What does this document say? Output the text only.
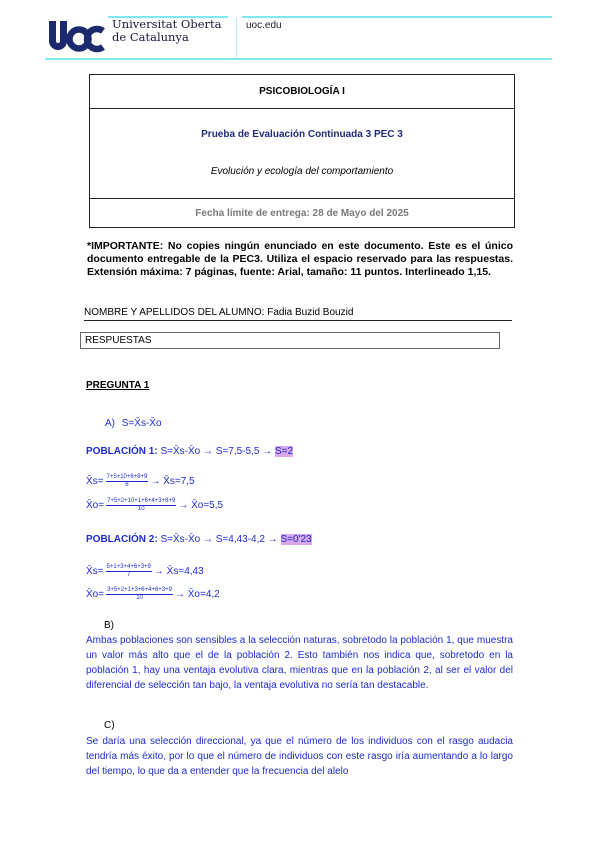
Universitat Oberta
de Catalunya
uoc.edu
PSICOBIOLOGÍA I
Prueba de Evaluación Continuada 3 PEC 3
Evolución y ecología del comportamiento
Fecha límite de entrega: 28 de Mayo del 2025
*IMPORTANTE: No copies ningún enunciado en este documento. Este es el único documento entregable de la PEC3. Utiliza el espacio reservado para las respuestas. Extensión máxima: 7 páginas, fuente: Arial, tamaño: 11 puntos. Interlineado 1,15.
NOMBRE Y APELLIDOS DEL ALUMNO: Fadia Buzid Bouzid
RESPUESTAS
PREGUNTA 1
A) S=X̄s-X̄o
POBLACIÓN 1: S=X̄s-X̄o → S=7,5-5,5 → S=2
X̄s= $\frac{7+5+10+6+8+9}{6}$ → X̄s=7,5
X̄o= $\frac{7+5+2+10+1+6+4+3+8+9}{10}$ → X̄o=5,5
POBLACIÓN 2: S=X̄s-X̄o → S=4,43-4,2 → S=0'23
X̄s= $\frac{5+1+3+4+6+3+9}{7}$ → X̄s=4,43
X̄o= $\frac{3+5+2+1+3+6+4+6+3+9}{10}$ → X̄o=4,2
B)
Ambas poblaciones son sensibles a la selección naturas, sobretodo la población 1, que muestra un valor más alto que el de la población 2. Esto también nos indica que, sobretodo en la población 1, hay una ventaja evolutiva clara, mientras que en la población 2, al ser el valor del diferencial de selección tan bajo, la ventaja evolutiva no sería tan destacable.
C)
Se daría una selección direccional, ya que el número de los individuos con el rasgo audacia tendría más éxito, por lo que el número de individuos con este rasgo iría aumentando a lo largo del tiempo, lo que da a entender que la frecuencia del alelo
